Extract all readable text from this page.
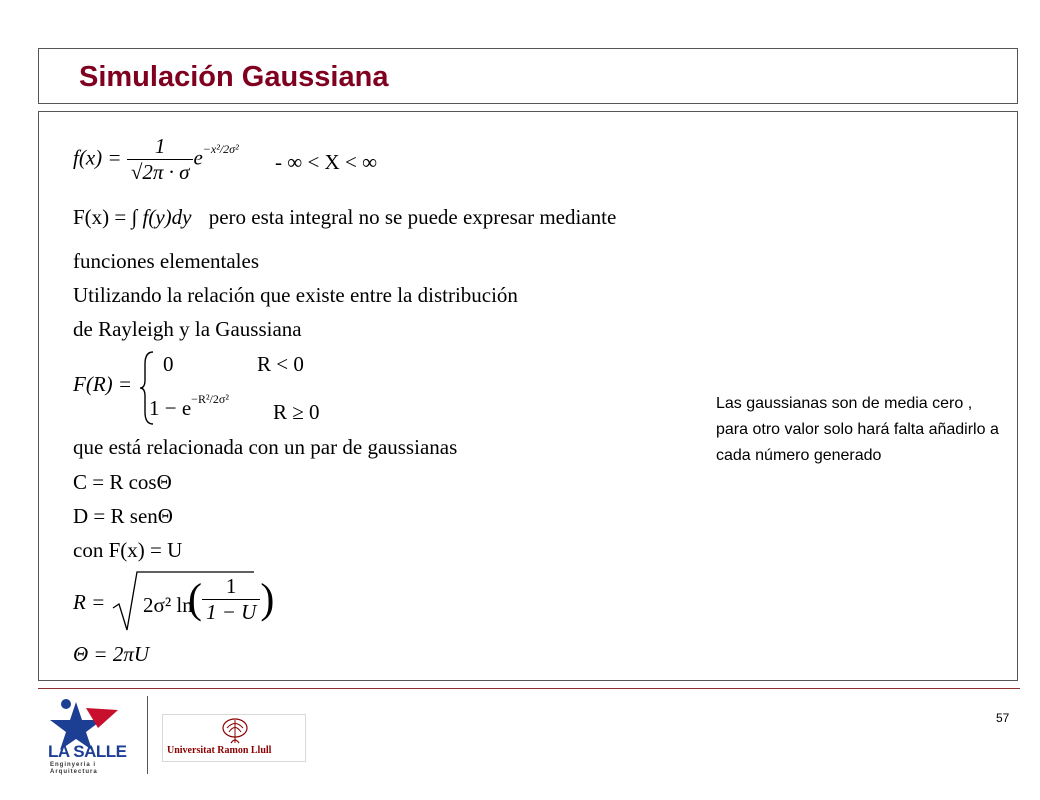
Simulación Gaussiana
$f(x) = \frac{1}{√2\pi \cdot \sigma} e^{-x^2/2\sigma^2}$
- ∞ < X < ∞
F(x) = ∫ f(y)dy pero esta integral no se puede expresar mediante
funciones elementales
Utilizando la relación que existe entre la distribución
de Rayleigh y la Gaussiana
F(R) =
0	R < 0
$1 - e^{-R^2/2\sigma^2}$
R ≥ 0
que está relacionada con un par de gaussianas
C = R cosΘ
D = R senΘ
con F(x) = U
R = 2σ² ln
( $\frac{1}{1 - U}$ )
Θ = 2πU
Las gaussianas son de media cero , para otro valor solo hará falta añadirlo a cada número generado
LA SALLE
Enginyeria i Arquitectura
Universitat Ramon Llull
57
